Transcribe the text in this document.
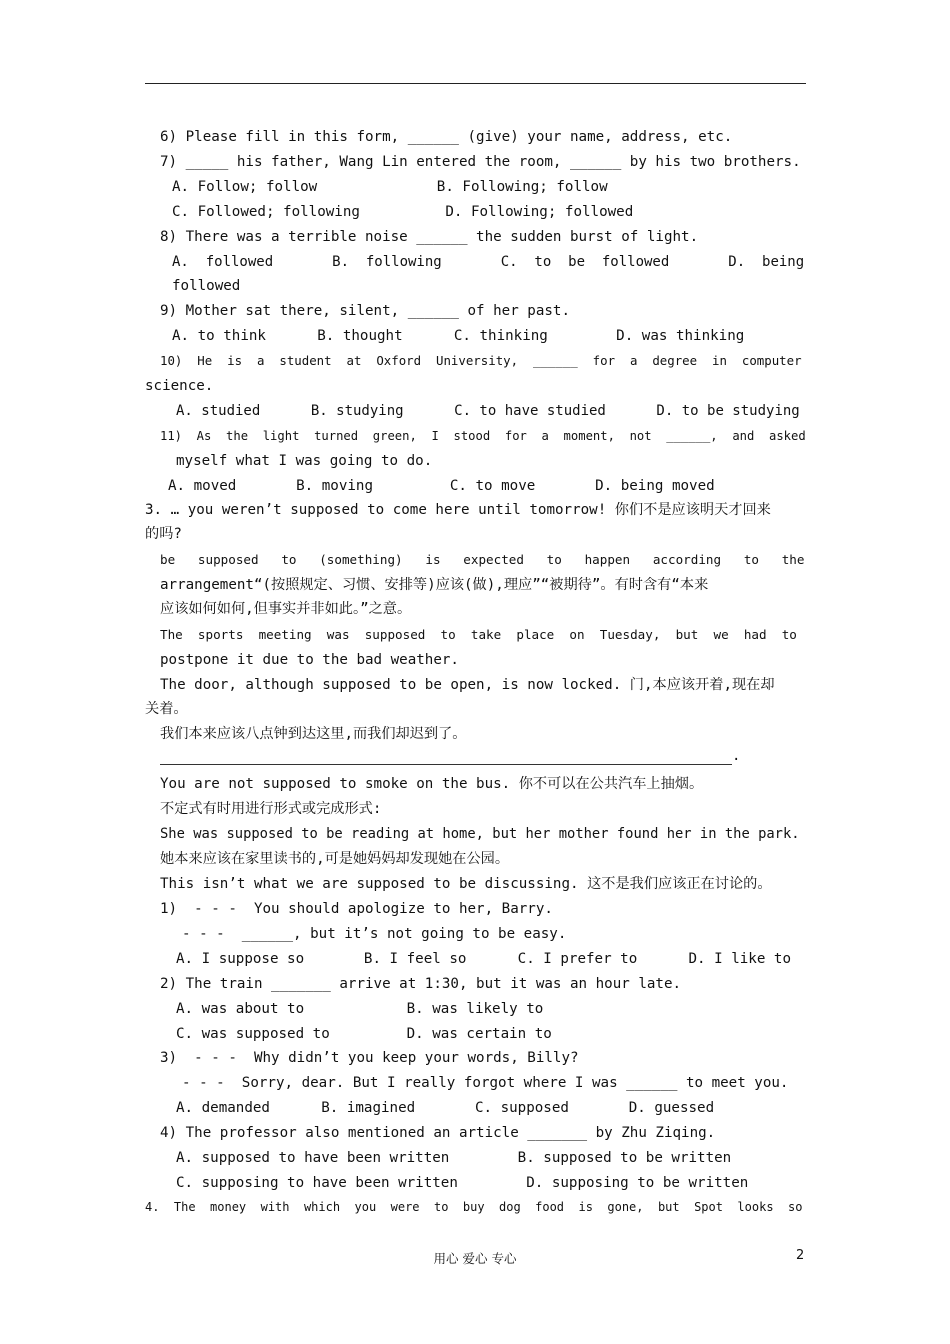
6) Please fill in this form, ______ (give) your name, address, etc.
7) _____ his father, Wang Lin entered the room, ______ by his two brothers.
A. Follow; follow              B. Following; follow
C. Followed; following          D. Following; followed
8) There was a terrible noise ______ the sudden burst of light.
A.  followed       B.  following       C.  to  be  followed       D.  being
followed
9) Mother sat there, silent, ______ of her past.
A. to think      B. thought      C. thinking        D. was thinking
10)  He  is  a  student  at  Oxford  University,  ______  for  a  degree  in  computer
science.
A. studied      B. studying      C. to have studied      D. to be studying
11)  As  the  light  turned  green,  I  stood  for  a  moment,  not  ______,  and  asked
myself what I was going to do.
A. moved       B. moving         C. to move       D. being moved
3. … you weren’t supposed to come here until tomorrow! 你们不是应该明天才回来
的吗?
be   supposed   to   (something)   is   expected   to   happen   according   to   the
arrangement“(按照规定、习惯、安排等)应该(做),理应”“被期待”。有时含有“本来
应该如何如何,但事实并非如此。”之意。
The  sports  meeting  was  supposed  to  take  place  on  Tuesday,  but  we  had  to
postpone it due to the bad weather.
The door, although supposed to be open, is now locked. 门,本应该开着,现在却
关着。
我们本来应该八点钟到达这里,而我们却迟到了。
.
You are not supposed to smoke on the bus. 你不可以在公共汽车上抽烟。
不定式有时用进行形式或完成形式:
She was supposed to be reading at home, but her mother found her in the park.
她本来应该在家里读书的,可是她妈妈却发现她在公园。
This isn’t what we are supposed to be discussing. 这不是我们应该正在讨论的。
1)  - - -  You should apologize to her, Barry.
- - -  ______, but it’s not going to be easy.
A. I suppose so       B. I feel so      C. I prefer to      D. I like to
2) The train _______ arrive at 1:30, but it was an hour late.
A. was about to            B. was likely to
C. was supposed to         D. was certain to
3)  - - -  Why didn’t you keep your words, Billy?
- - -  Sorry, dear. But I really forgot where I was ______ to meet you.
A. demanded      B. imagined       C. supposed       D. guessed
4) The professor also mentioned an article _______ by Zhu Ziqing.
A. supposed to have been written        B. supposed to be written
C. supposing to have been written        D. supposing to be written
4.  The  money  with  which  you  were  to  buy  dog  food  is  gone,  but  Spot  looks  so
用心 爱心 专心	2
